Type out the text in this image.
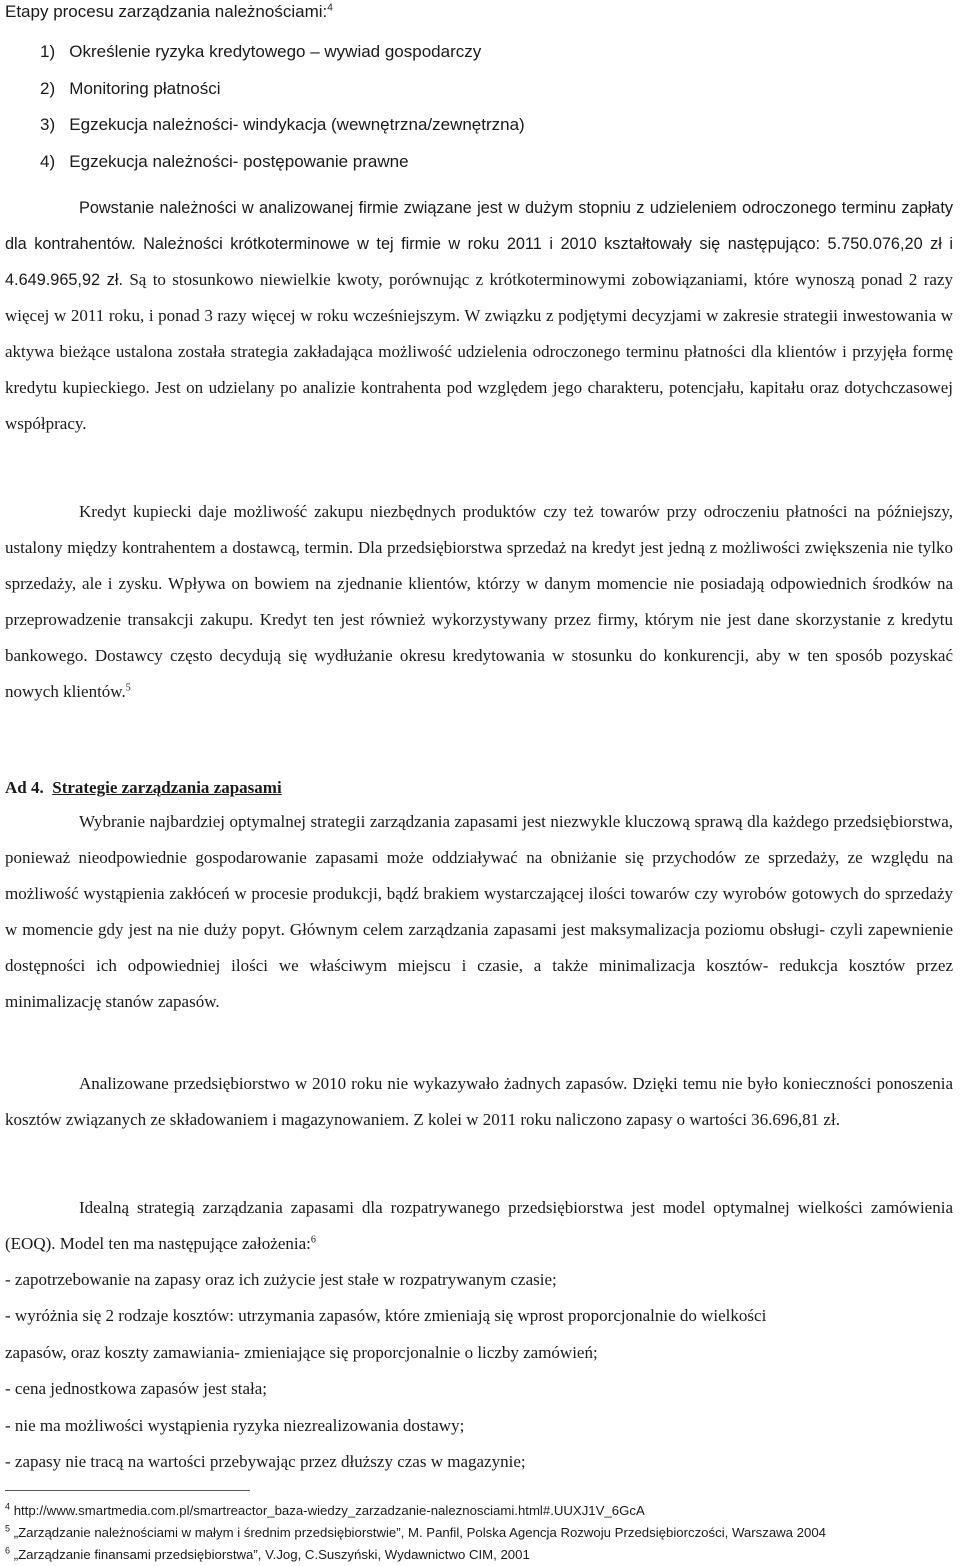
Etapy procesu zarządzania należnościami:$^4$
1)   Określenie ryzyka kredytowego – wywiad gospodarczy
2)   Monitoring płatności
3)   Egzekucja należności- windykacja (wewnętrzna/zewnętrzna)
4)   Egzekucja należności- postępowanie prawne

Powstanie należności w analizowanej firmie związane jest w dużym stopniu z udzieleniem odroczonego terminu zapłaty dla kontrahentów. Należności krótkoterminowe w tej firmie w roku 2011 i 2010 kształtowały się następująco: 5.750.076,20 zł i 4.649.965,92 zł. Są to stosunkowo niewielkie kwoty, porównując z krótkoterminowymi zobowiązaniami, które wynoszą ponad 2 razy więcej w 2011 roku, i ponad 3 razy więcej w roku wcześniejszym. W związku z podjętymi decyzjami w zakresie strategii inwestowania w aktywa bieżące ustalona została strategia zakładająca możliwość udzielenia odroczonego terminu płatności dla klientów i przyjęła formę kredytu kupieckiego. Jest on udzielany po analizie kontrahenta pod względem jego charakteru, potencjału, kapitału oraz dotychczasowej współpracy.

Kredyt kupiecki daje możliwość zakupu niezbędnych produktów czy też towarów przy odroczeniu płatności na późniejszy, ustalony między kontrahentem a dostawcą, termin. Dla przedsiębiorstwa sprzedaż na kredyt jest jedną z możliwości zwiększenia nie tylko sprzedaży, ale i zysku. Wpływa on bowiem na zjednanie klientów, którzy w danym momencie nie posiadają odpowiednich środków na przeprowadzenie transakcji zakupu. Kredyt ten jest również wykorzystywany przez firmy, którym nie jest dane skorzystanie z kredytu bankowego. Dostawcy często decydują się wydłużanie okresu kredytowania w stosunku do konkurencji, aby w ten sposób pozyskać nowych klientów.$^5$

Ad 4. Strategie zarządzania zapasami

Wybranie najbardziej optymalnej strategii zarządzania zapasami jest niezwykle kluczową sprawą dla każdego przedsiębiorstwa, ponieważ nieodpowiednie gospodarowanie zapasami może oddziaływać na obniżanie się przychodów ze sprzedaży, ze względu na możliwość wystąpienia zakłóceń w procesie produkcji, bądź brakiem wystarczającej ilości towarów czy wyrobów gotowych do sprzedaży w momencie gdy jest na nie duży popyt. Głównym celem zarządzania zapasami jest maksymalizacja poziomu obsługi- czyli zapewnienie dostępności ich odpowiedniej ilości we właściwym miejscu i czasie, a także minimalizacja kosztów- redukcja kosztów przez minimalizację stanów zapasów.

Analizowane przedsiębiorstwo w 2010 roku nie wykazywało żadnych zapasów. Dzięki temu nie było konieczności ponoszenia kosztów związanych ze składowaniem i magazynowaniem. Z kolei w 2011 roku naliczono zapasy o wartości 36.696,81 zł.

Idealną strategią zarządzania zapasami dla rozpatrywanego przedsiębiorstwa jest model optymalnej wielkości zamówienia (EOQ). Model ten ma następujące założenia:$^6$

- zapotrzebowanie na zapasy oraz ich zużycie jest stałe w rozpatrywanym czasie;
- wyróżnia się 2 rodzaje kosztów: utrzymania zapasów, które zmieniają się wprost proporcjonalnie do wielkości
zapasów, oraz koszty zamawiania- zmieniające się proporcjonalnie o liczby zamówień;
- cena jednostkowa zapasów jest stała;
- nie ma możliwości wystąpienia ryzyka niezrealizowania dostawy;
- zapasy nie tracą na wartości przebywając przez dłuższy czas w magazynie;
$^4$ http://www.smartmedia.com.pl/smartreactor_baza-wiedzy_zarzadzanie-naleznosciami.html#.UUXJ1V_6GcA
$^5$ „Zarządzanie należnościami w małym i średnim przedsiębiorstwie”, M. Panfil, Polska Agencja Rozwoju Przedsiębiorczości, Warszawa 2004
$^6$ „Zarządzanie finansami przedsiębiorstwa”, V.Jog, C.Suszyński, Wydawnictwo CIM, 2001
